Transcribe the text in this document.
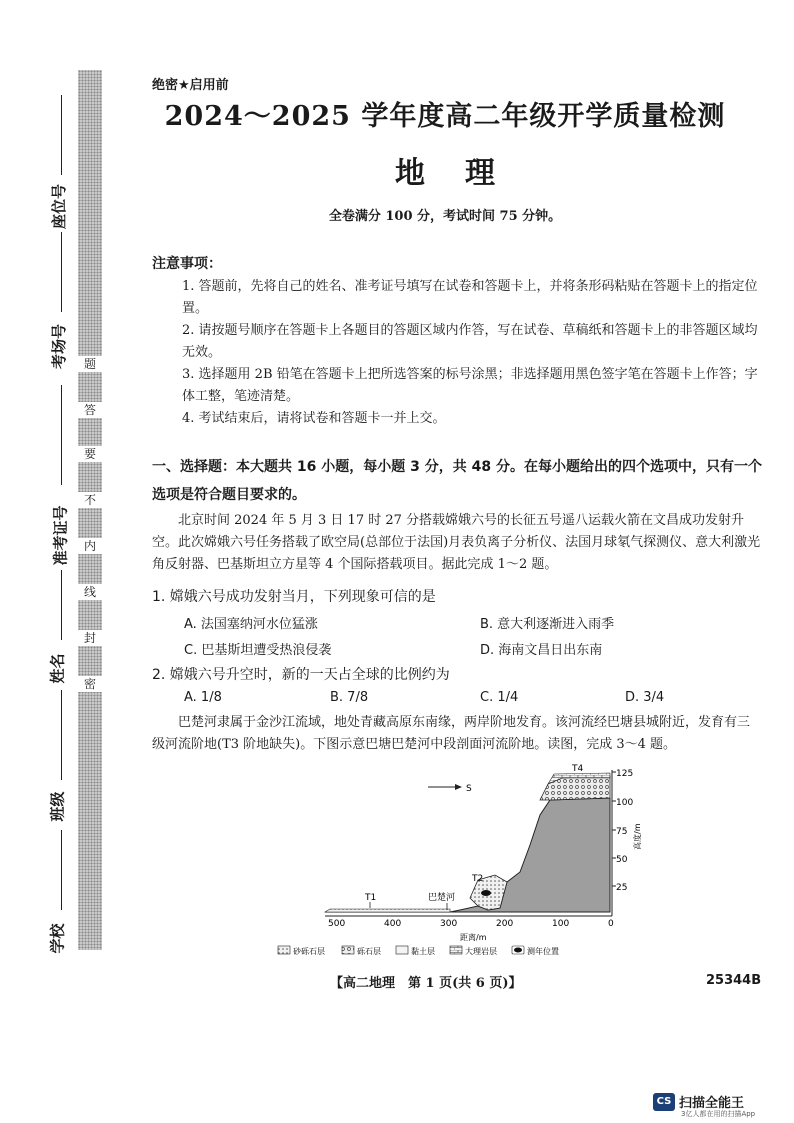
题
答
要
不
内
线
封
密
座位号
考场号
准考证号
姓名
班级
学校
绝密★启用前
2024～2025 学年度高二年级开学质量检测
地理
全卷满分 100 分，考试时间 75 分钟。
注意事项：
1. 答题前，先将自己的姓名、准考证号填写在试卷和答题卡上，并将条形码粘贴在答题卡上的指定位置。
2. 请按题号顺序在答题卡上各题目的答题区域内作答，写在试卷、草稿纸和答题卡上的非答题区域均无效。
3. 选择题用 2B 铅笔在答题卡上把所选答案的标号涂黑；非选择题用黑色签字笔在答题卡上作答；字体工整，笔迹清楚。
4. 考试结束后，请将试卷和答题卡一并上交。
一、选择题：本大题共 16 小题，每小题 3 分，共 48 分。在每小题给出的四个选项中，只有一个选项是符合题目要求的。
北京时间 2024 年 5 月 3 日 17 时 27 分搭载嫦娥六号的长征五号遥八运载火箭在文昌成功发射升空。此次嫦娥六号任务搭载了欧空局(总部位于法国)月表负离子分析仪、法国月球氡气探测仪、意大利激光角反射器、巴基斯坦立方星等 4 个国际搭载项目。据此完成 1～2 题。
1. 嫦娥六号成功发射当月，下列现象可信的是
A. 法国塞纳河水位猛涨	B. 意大利逐渐进入雨季
C. 巴基斯坦遭受热浪侵袭	D. 海南文昌日出东南
2. 嫦娥六号升空时，新的一天占全球的比例约为
A. 1/8	B. 7/8	C. 1/4	D. 3/4
巴楚河隶属于金沙江流域，地处青藏高原东南缘，两岸阶地发育。该河流经巴塘县城附近，发育有三级河流阶地(T3 阶地缺失)。下图示意巴塘巴楚河中段剖面河流阶地。读图，完成 3～4 题。
S
T1
T2
T4
巴楚河
125
100
75
50
25
高度/m
500	400	300	200	100	0
距离/m
砂砾石层	砾石层	黏土层	大理岩层	测年位置
【高二地理　第 1 页(共 6 页)】	25344B
CS 扫描全能王
3亿人都在用的扫描App
